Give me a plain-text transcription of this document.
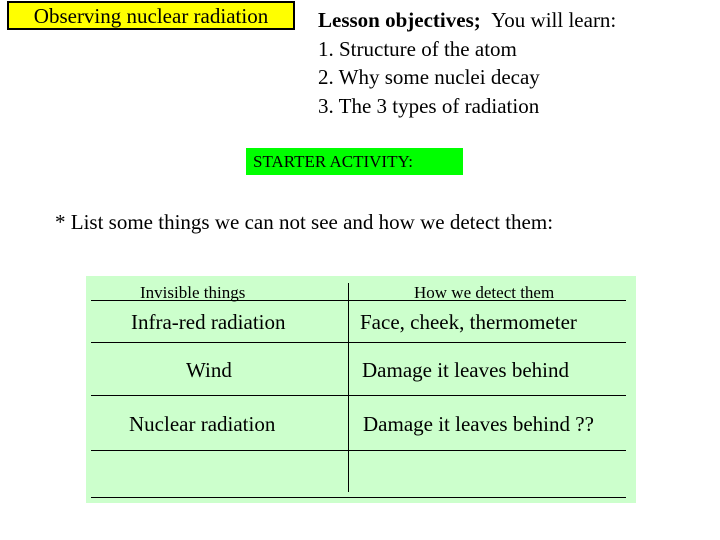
Observing nuclear radiation	Lesson objectives; You will learn:
1. Structure of the atom
2. Why some nuclei decay
3. The 3 types of radiation
STARTER ACTIVITY:
* List some things we can not see and how we detect them:
Invisible things	How we detect them
Infra-red radiation	Face, cheek, thermometer
Wind	Damage it leaves behind
Nuclear radiation	Damage it leaves behind ??
